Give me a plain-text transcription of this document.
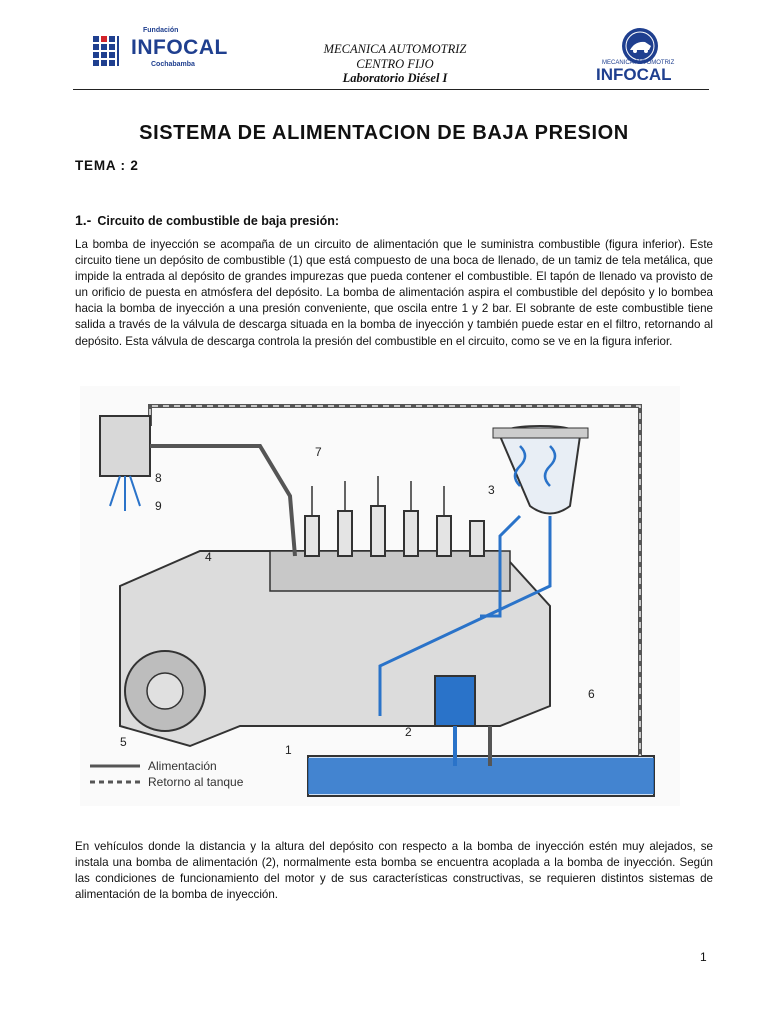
Fundación
INFOCAL
Cochabamba
MECANICA AUTOMOTRIZ
CENTRO FIJO
Laboratorio Diésel I
MECANICA AUTOMOTRIZ
INFOCAL
SISTEMA DE ALIMENTACION DE BAJA PRESION
TEMA : 2
1.- Circuito de combustible de baja presión:
La bomba de inyección se acompaña de un circuito de alimentación que le suministra combustible (figura inferior). Este circuito tiene un depósito de combustible (1) que está compuesto de una boca de llenado, de un tamiz de tela metálica, que impide la entrada al depósito de grandes impurezas que pueda contener el combustible. El tapón de llenado va provisto de un orificio de puesta en atmósfera del depósito. La bomba de alimentación aspira el combustible del depósito y lo bombea hacia la bomba de inyección a una presión conveniente, que oscila entre 1 y 2 bar. El sobrante de este combustible tiene salida a través de la válvula de descarga situada en la bomba de inyección y también puede estar en el filtro, retornando al depósito. Esta válvula de descarga controla la presión del combustible en el circuito, como se ve en la figura inferior.
1
2
3
4
5
6
7
8
9
Alimentación
Retorno al tanque
En vehículos donde la distancia y la altura del depósito con respecto a la bomba de inyección estén muy alejados, se instala una bomba de alimentación (2), normalmente esta bomba se encuentra acoplada a la bomba de inyección. Según las condiciones de funcionamiento del motor y de sus características constructivas, se requieren distintos sistemas de alimentación de la bomba de inyección.
1
